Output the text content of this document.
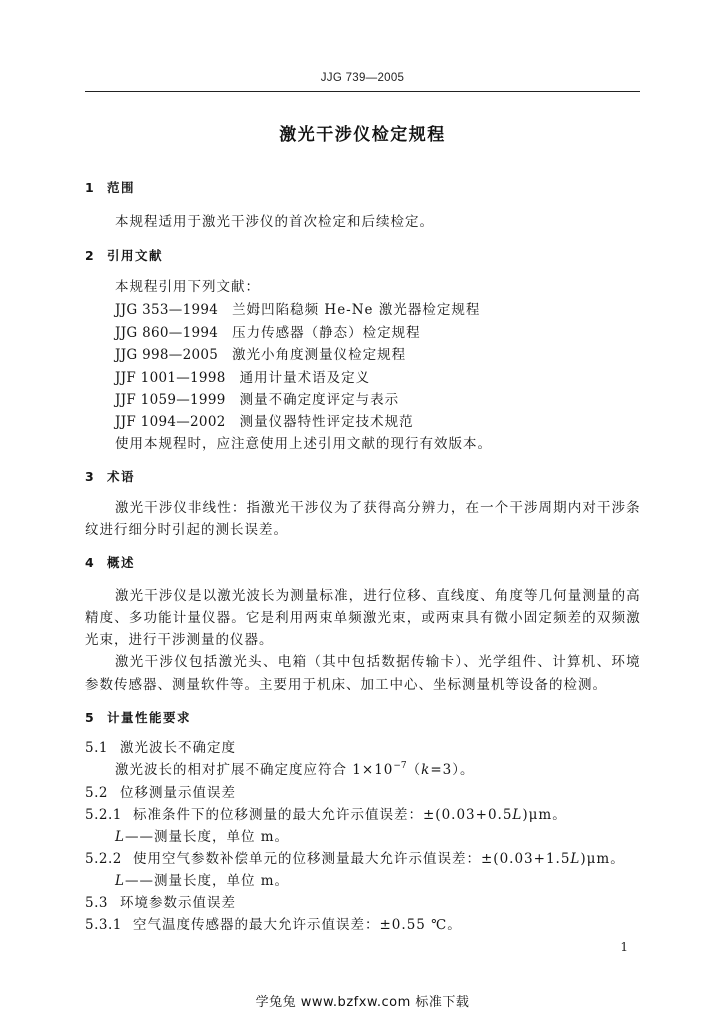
JJG 739—2005
激光干涉仪检定规程
1 范围
本规程适用于激光干涉仪的首次检定和后续检定。
2 引用文献
本规程引用下列文献：
JJG 353—1994 兰姆凹陷稳频 He-Ne 激光器检定规程
JJG 860—1994 压力传感器（静态）检定规程
JJG 998—2005 激光小角度测量仪检定规程
JJF 1001—1998 通用计量术语及定义
JJF 1059—1999 测量不确定度评定与表示
JJF 1094—2002 测量仪器特性评定技术规范
使用本规程时，应注意使用上述引用文献的现行有效版本。
3 术语
激光干涉仪非线性：指激光干涉仪为了获得高分辨力，在一个干涉周期内对干涉条
纹进行细分时引起的测长误差。
4 概述
激光干涉仪是以激光波长为测量标准，进行位移、直线度、角度等几何量测量的高
精度、多功能计量仪器。它是利用两束单频激光束，或两束具有微小固定频差的双频激
光束，进行干涉测量的仪器。
激光干涉仪包括激光头、电箱（其中包括数据传输卡）、光学组件、计算机、环境
参数传感器、测量软件等。主要用于机床、加工中心、坐标测量机等设备的检测。
5 计量性能要求
5.1 激光波长不确定度
激光波长的相对扩展不确定度应符合 $1\times 10^{-7}(k=3)$。
5.2 位移测量示值误差
5.2.1 标准条件下的位移测量的最大允许示值误差：±(0.03+0.5L)μm。
L——测量长度，单位 m。
5.2.2 使用空气参数补偿单元的位移测量最大允许示值误差：±(0.03+1.5L)μm。
L——测量长度，单位 m。
5.3 环境参数示值误差
5.3.1 空气温度传感器的最大允许示值误差：±0.55 ℃。
1
学兔兔 www.bzfxw.com 标准下载
